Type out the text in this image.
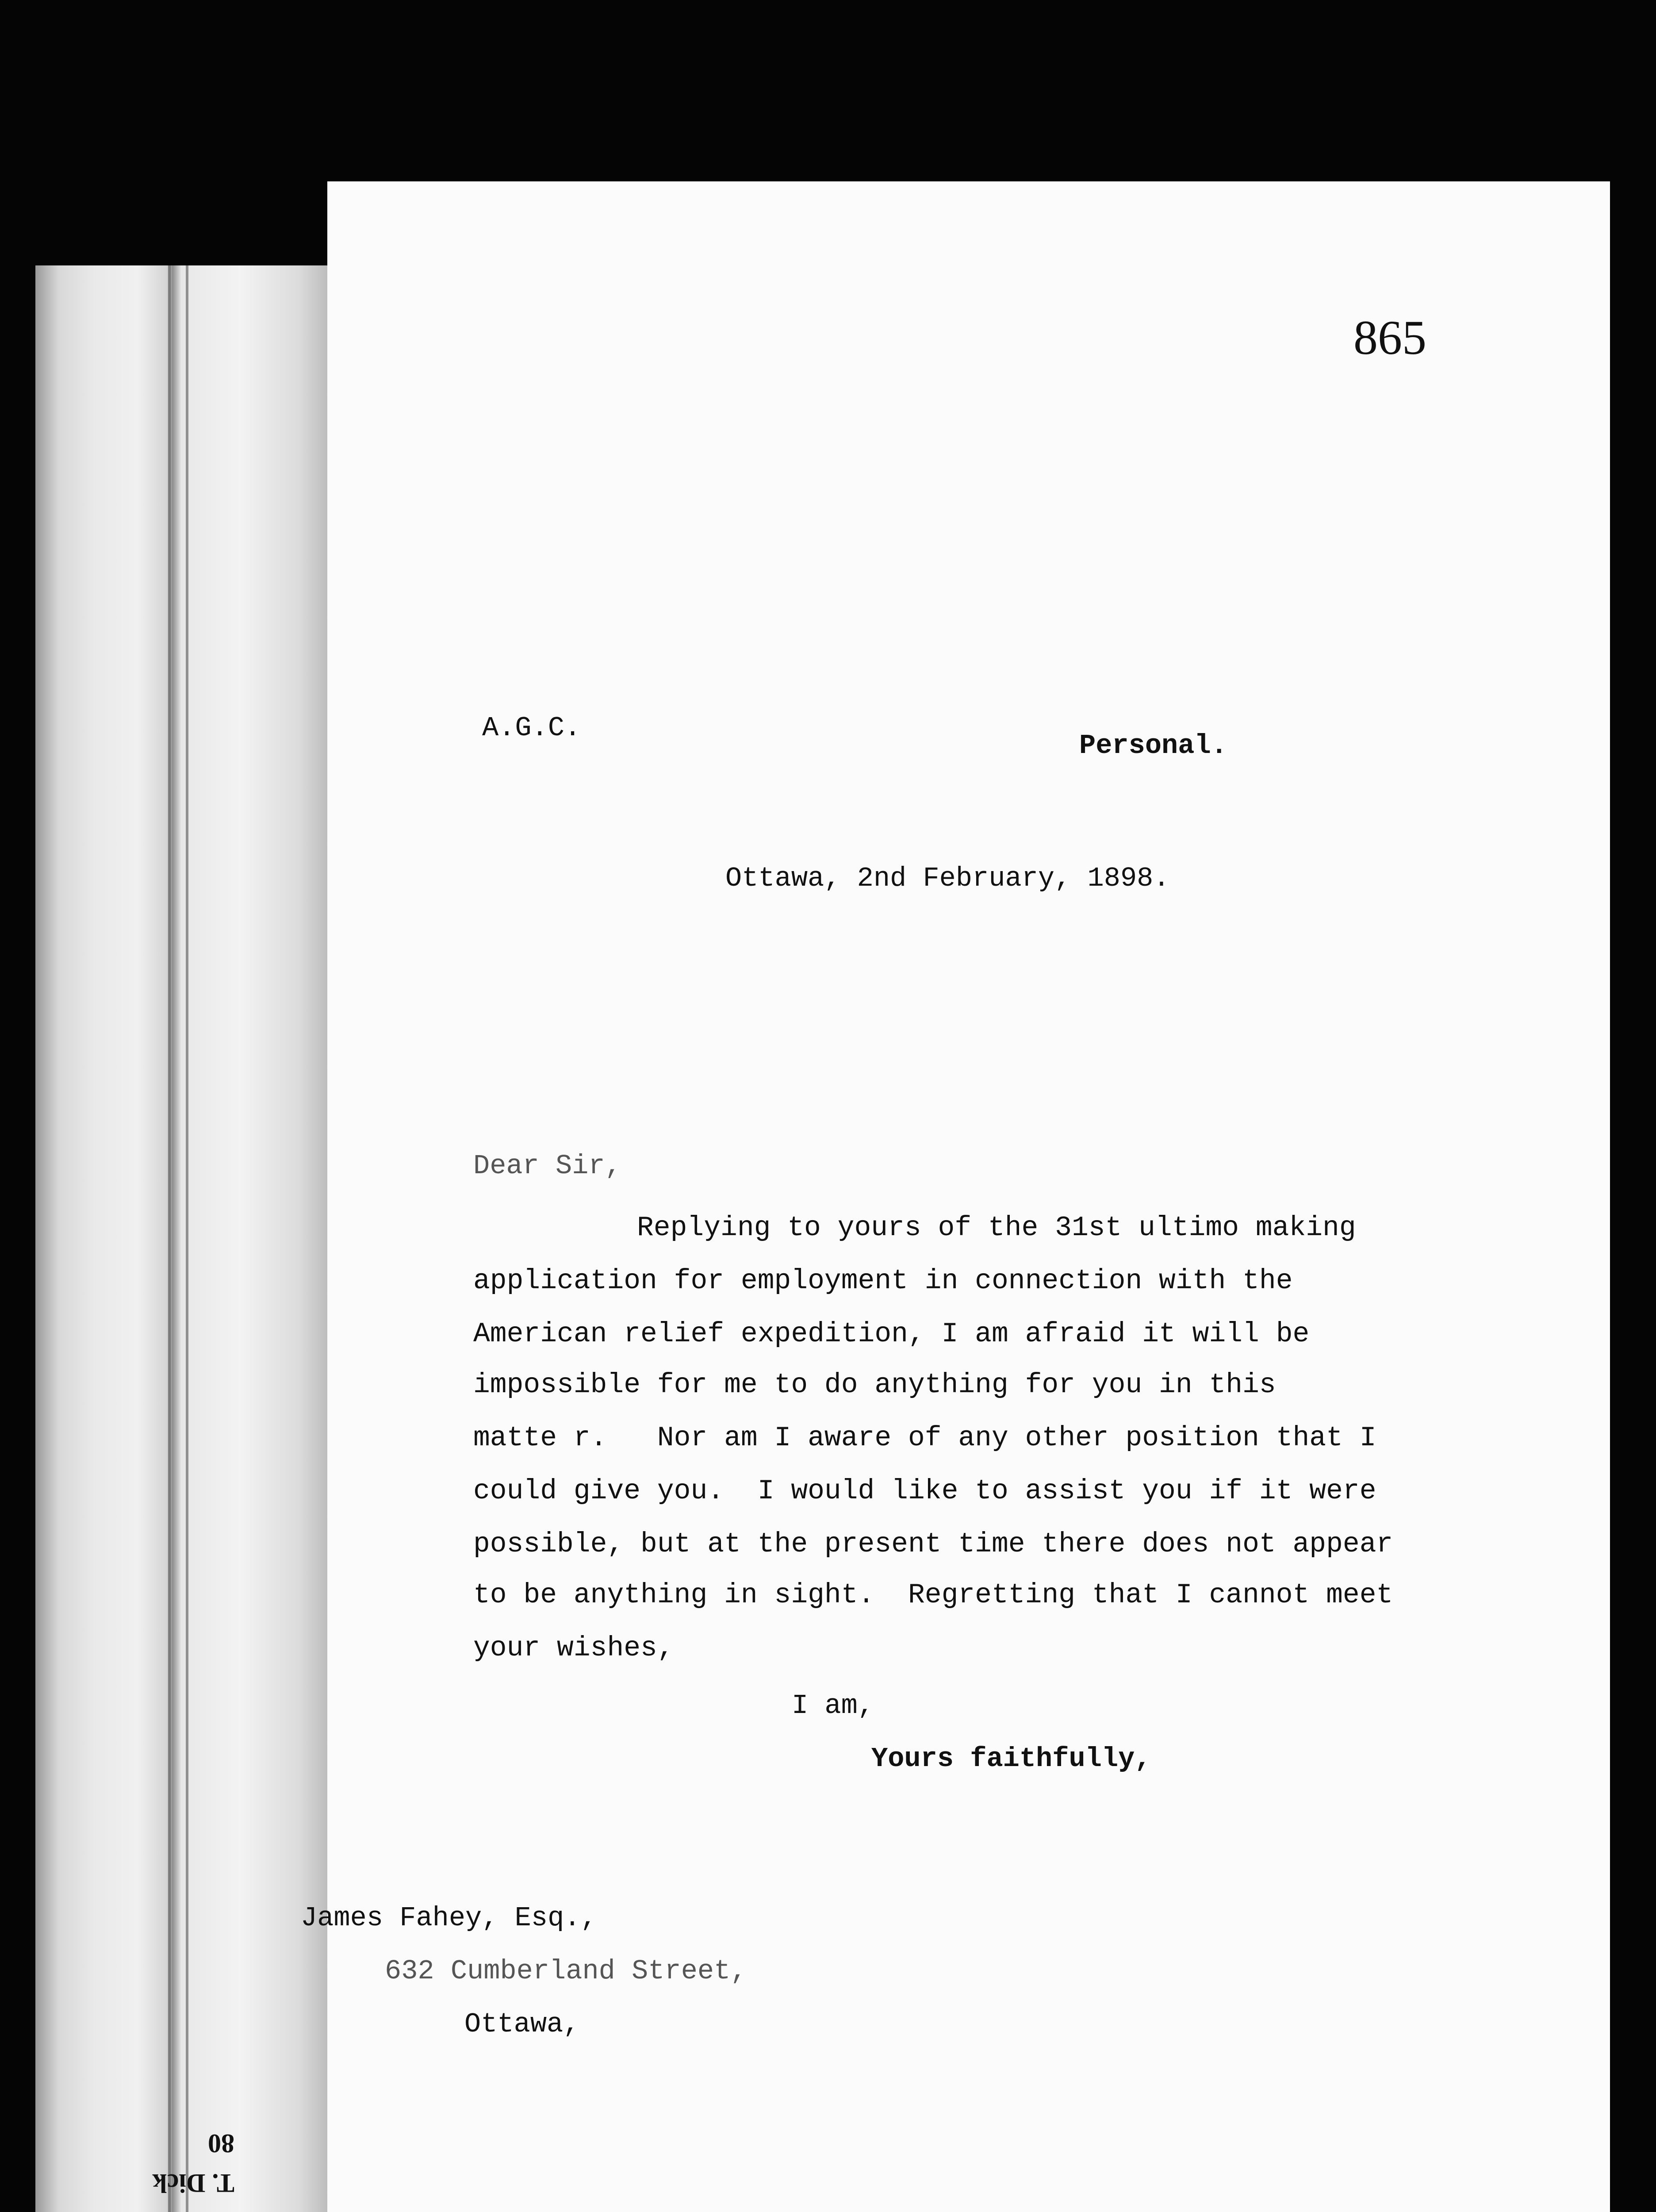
T. Dick
80
865
A.G.C.
Personal.
Ottawa, 2nd February, 1898.
Dear Sir,
Replying to yours of the 31st ultimo making
application for employment in connection with the
American relief expedition, I am afraid it will be
impossible for me to do anything for you in this
matte r.   Nor am I aware of any other position that I
could give you.  I would like to assist you if it were
possible, but at the present time there does not appear
to be anything in sight.  Regretting that I cannot meet
your wishes,
I am,
Yours faithfully,
James Fahey, Esq.,
632 Cumberland Street,
Ottawa,
